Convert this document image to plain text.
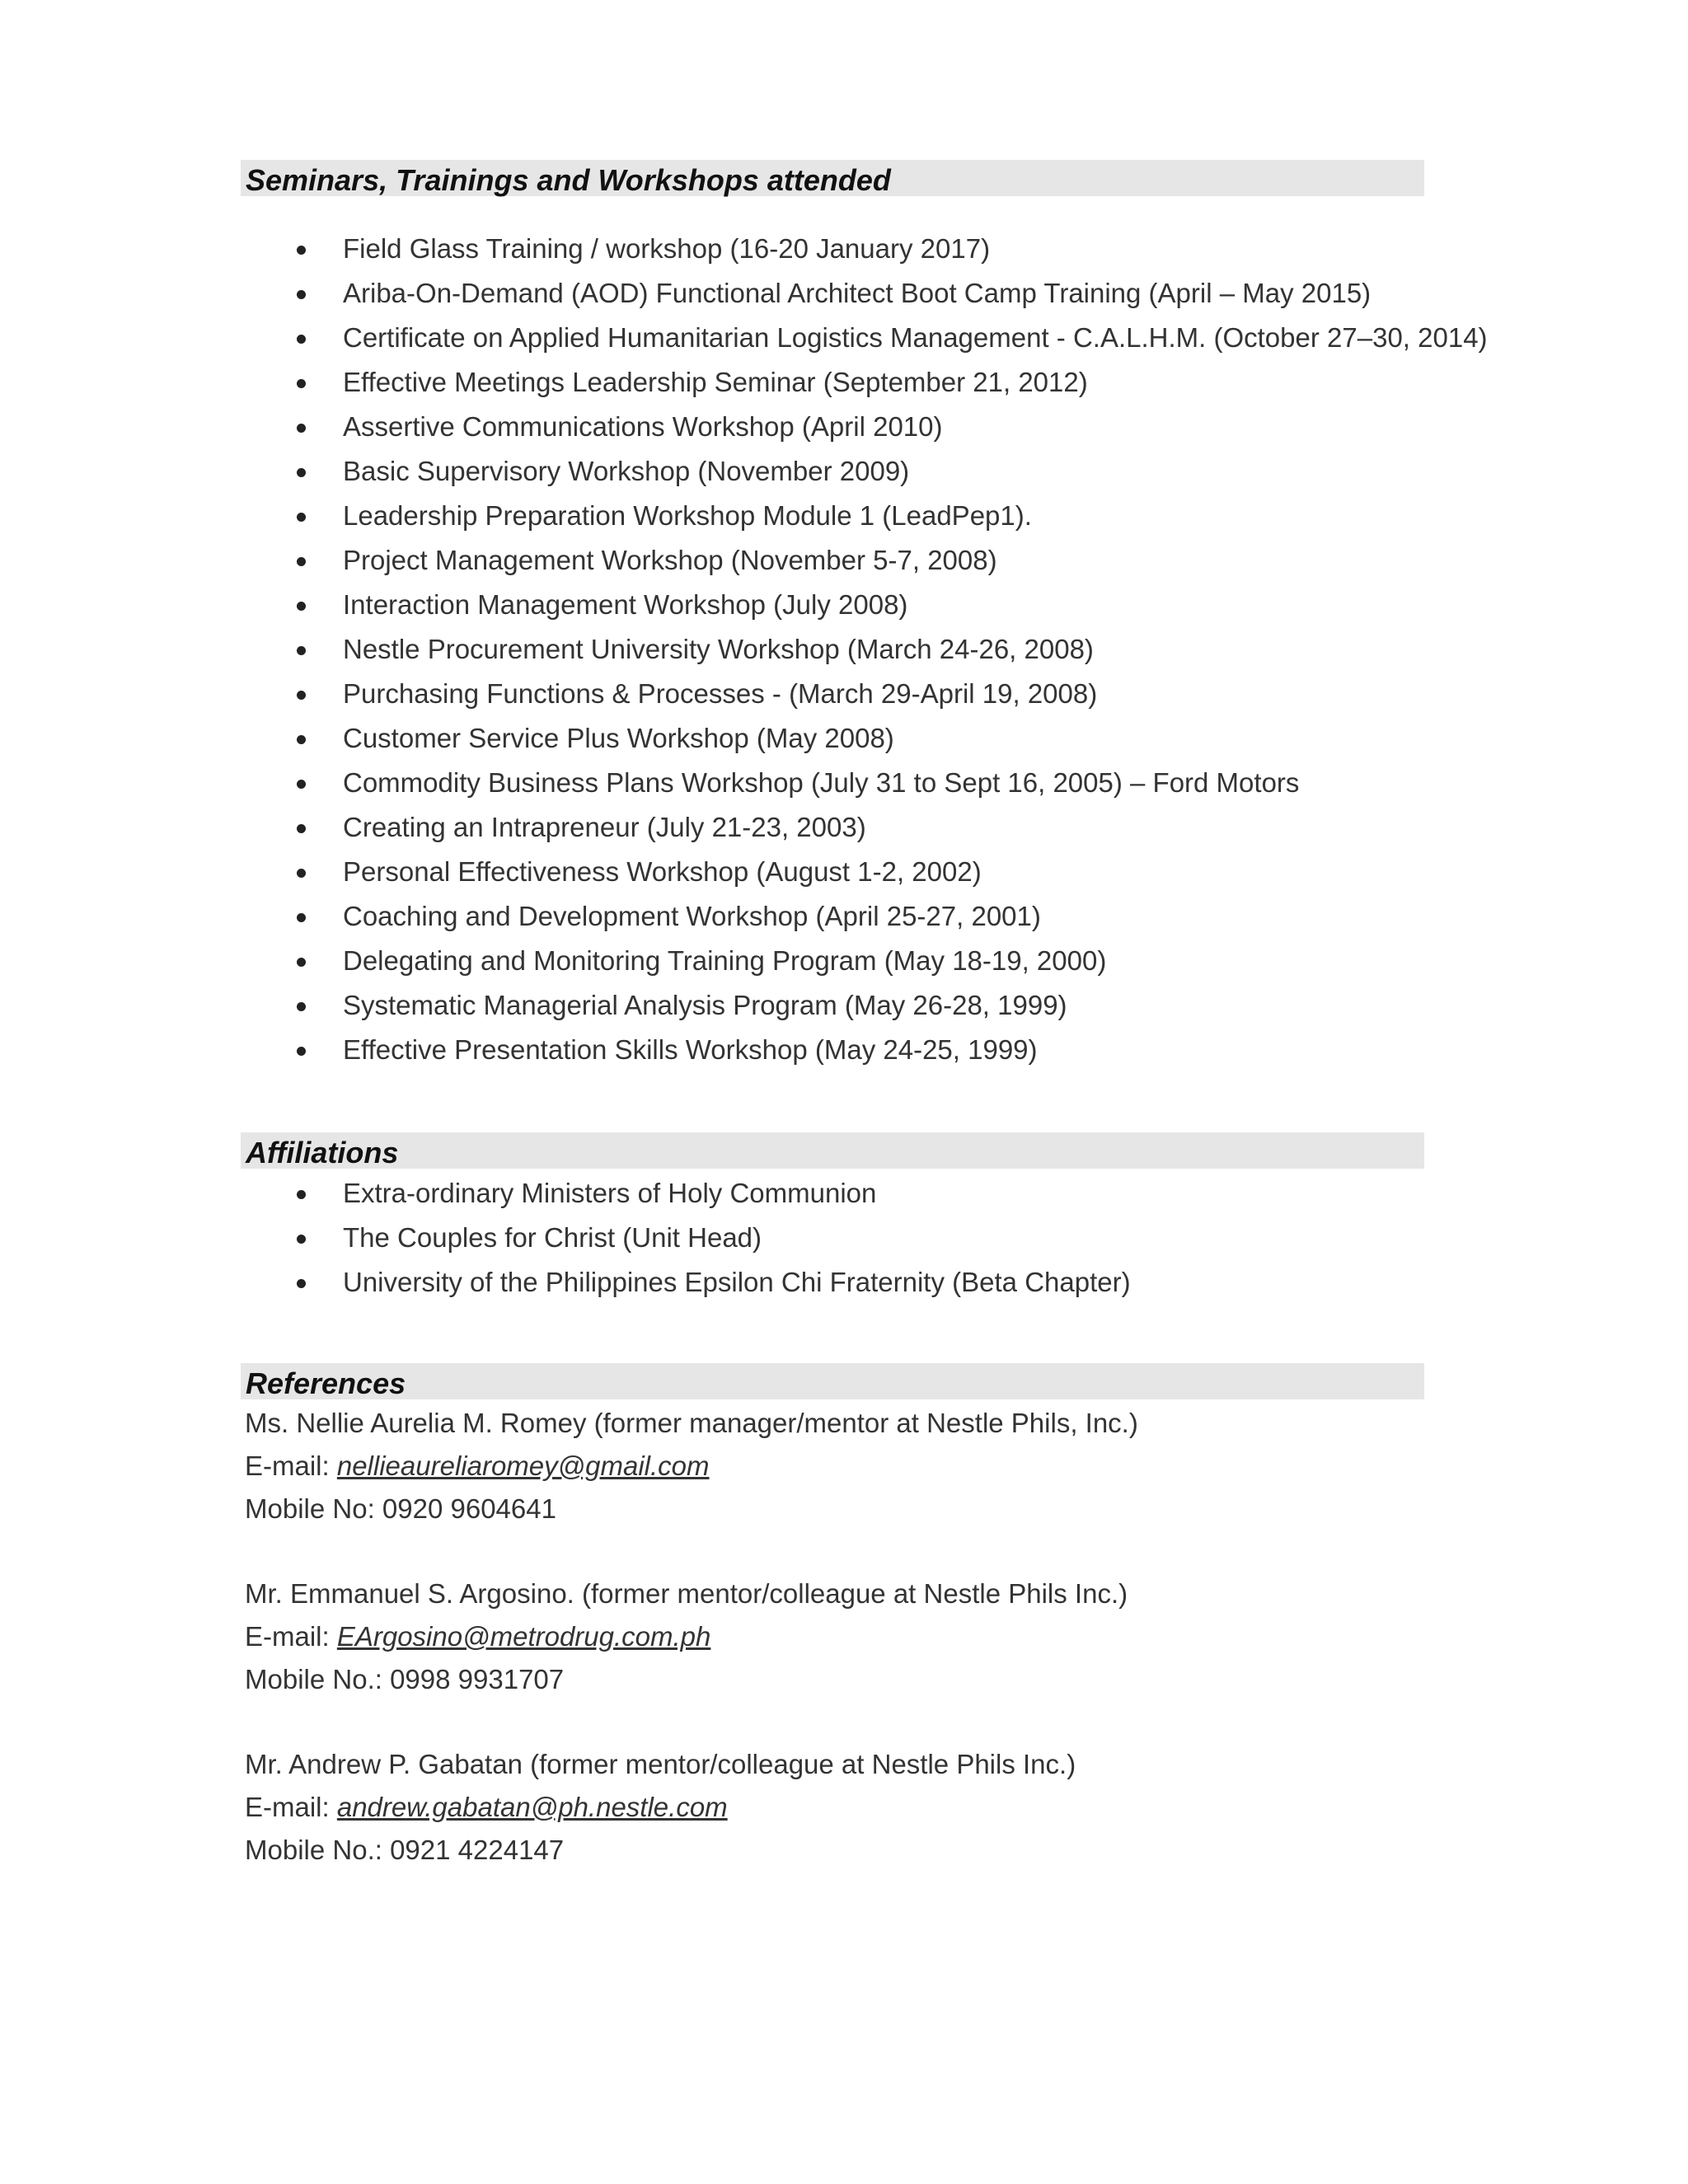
Seminars, Trainings and Workshops attended
Field Glass Training / workshop (16-20 January 2017)
Ariba-On-Demand (AOD) Functional Architect Boot Camp Training (April – May 2015)
Certificate on Applied Humanitarian Logistics Management - C.A.L.H.M. (October 27–30, 2014)
Effective Meetings Leadership Seminar (September 21, 2012)
Assertive Communications Workshop (April 2010)
Basic Supervisory Workshop (November 2009)
Leadership Preparation Workshop Module 1 (LeadPep1).
Project Management Workshop (November 5-7, 2008)
Interaction Management Workshop (July 2008)
Nestle Procurement University Workshop (March 24-26, 2008)
Purchasing Functions & Processes - (March 29-April 19, 2008)
Customer Service Plus Workshop (May 2008)
Commodity Business Plans Workshop (July 31 to Sept 16, 2005) – Ford Motors
Creating an Intrapreneur (July 21-23, 2003)
Personal Effectiveness Workshop (August 1-2, 2002)
Coaching and Development Workshop (April 25-27, 2001)
Delegating and Monitoring Training Program (May 18-19, 2000)
Systematic Managerial Analysis Program (May 26-28, 1999)
Effective Presentation Skills Workshop (May 24-25, 1999)
Affiliations
Extra-ordinary Ministers of Holy Communion
The Couples for Christ (Unit Head)
University of the Philippines Epsilon Chi Fraternity (Beta Chapter)
References
Ms. Nellie Aurelia M. Romey (former manager/mentor at Nestle Phils, Inc.)
E-mail: nellieaureliaromey@gmail.com
Mobile No: 0920 9604641
Mr. Emmanuel S. Argosino. (former mentor/colleague at Nestle Phils Inc.)
E-mail: EArgosino@metrodrug.com.ph
Mobile No.: 0998 9931707
Mr. Andrew P. Gabatan (former mentor/colleague at Nestle Phils Inc.)
E-mail: andrew.gabatan@ph.nestle.com
Mobile No.: 0921 4224147
